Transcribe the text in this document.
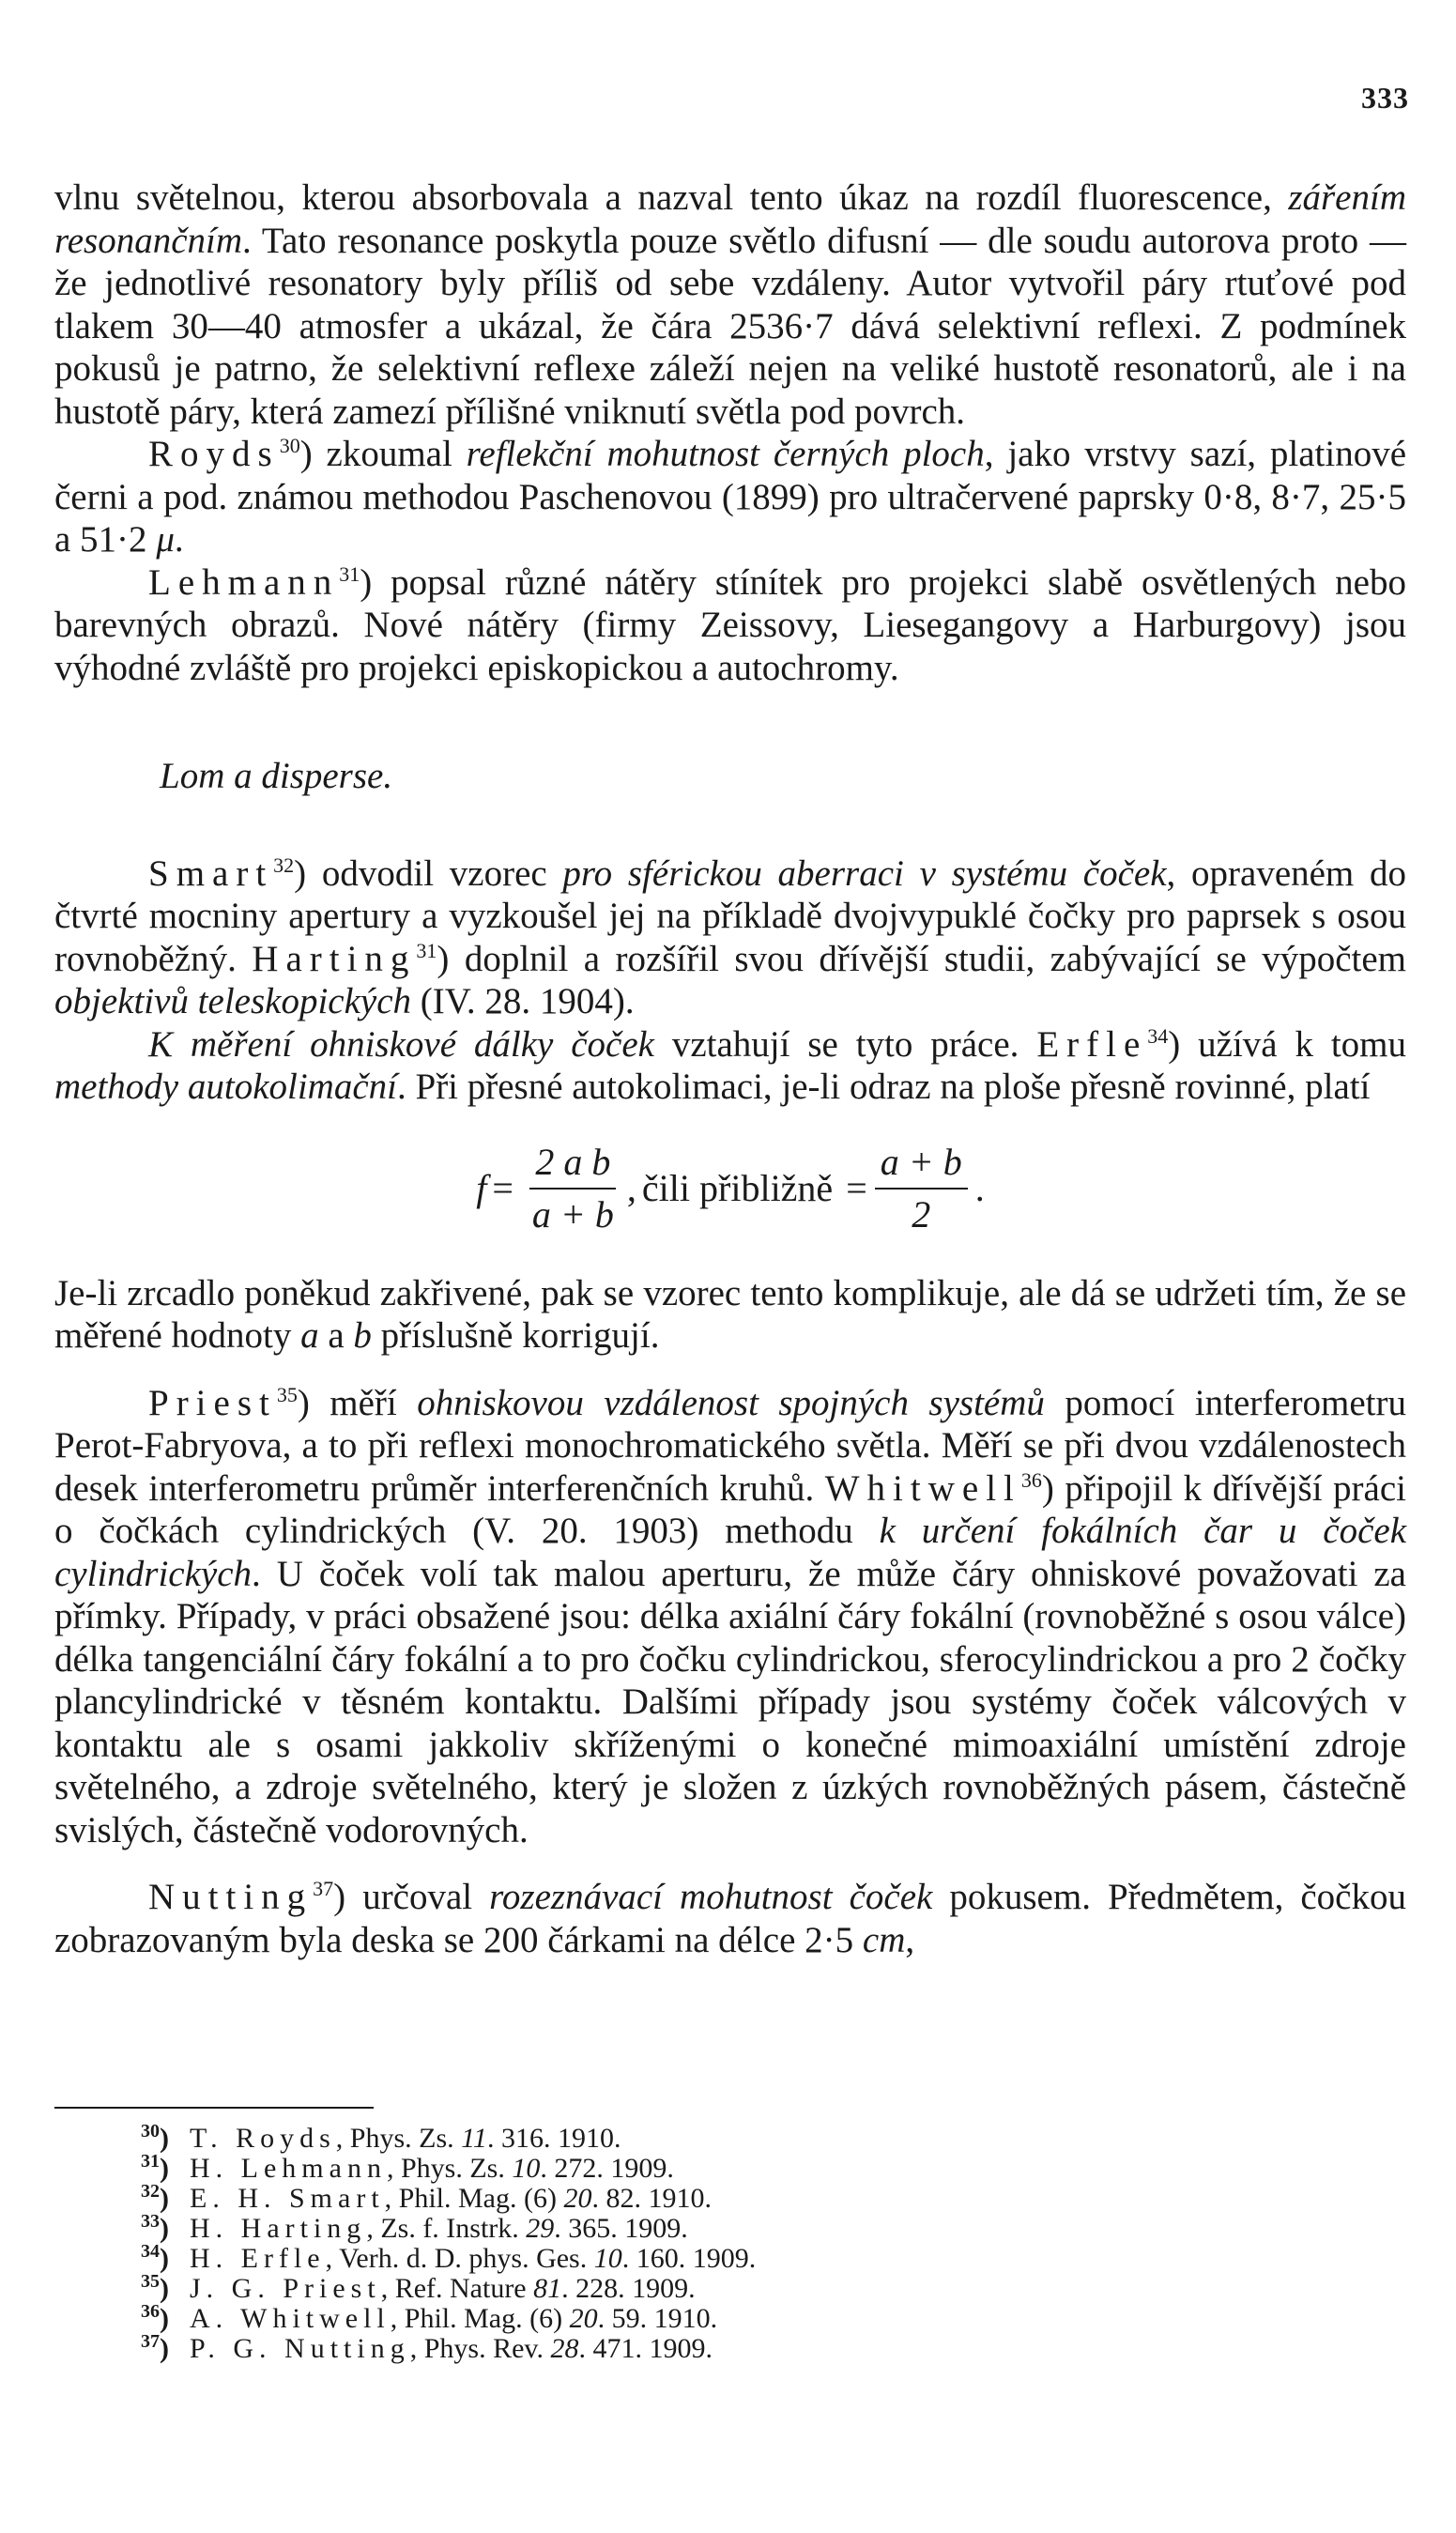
333

vlnu světelnou, kterou absorbovala a nazval tento úkaz na rozdíl fluorescence, zářením resonančním. Tato resonance poskytla pouze světlo difusní — dle soudu autorova proto — že jednotlivé resonatory byly příliš od sebe vzdáleny. Autor vytvořil páry rtuťové pod tlakem 30—40 atmosfer a ukázal, že čára 2536·7 dává selektivní reflexi. Z podmínek pokusů je patrno, že selektivní reflexe záleží nejen na veliké hustotě resonatorů, ale i na hustotě páry, která zamezí přílišné vniknutí světla pod povrch.

Royds$^{30}$) zkoumal reflekční mohutnost černých ploch, jako vrstvy sazí, platinové černi a pod. známou methodou Paschenovou (1899) pro ultračervené paprsky 0·8, 8·7, 25·5 a 51·2 μ.

Lehmann$^{31}$) popsal různé nátěry stínítek pro projekci slabě osvětlených nebo barevných obrazů. Nové nátěry (firmy Zeissovy, Liesegangovy a Harburgovy) jsou výhodné zvláště pro projekci episkopickou a autochromy.

Lom a disperse.

Smart$^{32}$) odvodil vzorec pro sférickou aberraci v systému čoček, opraveném do čtvrté mocniny apertury a vyzkoušel jej na příkladě dvojvypuklé čočky pro paprsek s osou rovnoběžný. Harting$^{31}$) doplnil a rozšířil svou dřívější studii, zabývající se výpočtem objektivů teleskopických (IV. 28. 1904).

K měření ohniskové dálky čoček vztahují se tyto práce. Erfle$^{34}$) užívá k tomu methody autokolimační. Při přesné autokolimaci, je-li odraz na ploše přesně rovinné, platí

$f = \frac{\text{2 a b}}{a + b}$ , čili přibližně = $\frac{a + b}{2}$ .

Je-li zrcadlo poněkud zakřivené, pak se vzorec tento komplikuje, ale dá se udržeti tím, že se měřené hodnoty a a b příslušně korrigují.

Priest$^{35}$) měří ohniskovou vzdálenost spojných systémů pomocí interferometru Perot-Fabryova, a to při reflexi monochromatického světla. Měří se při dvou vzdálenostech desek interferometru průměr interferenčních kruhů. Whitwell$^{36}$) připojil k dřívější práci o čočkách cylindrických (V. 20. 1903) methodu k určení fokálních čar u čoček cylindrických. U čoček volí tak malou aperturu, že může čáry ohniskové považovati za přímky. Případy, v práci obsažené jsou: délka axiální čáry fokální (rovnoběžné s osou válce) délka tangenciální čáry fokální a to pro čočku cylindrickou, sferocylindrickou a pro 2 čočky plancylindrické v těsném kontaktu. Dalšími případy jsou systémy čoček válcových v kontaktu ale s osami jakkoliv skříženými o konečné mimoaxiální umístění zdroje světelného, a zdroje světelného, který je složen z úzkých rovnoběžných pásem, částečně svislých, částečně vodorovných.

Nutting$^{37}$) určoval rozeznávací mohutnost čoček pokusem. Předmětem, čočkou zobrazovaným byla deska se 200 čárkami na délce 2·5 cm,

$^{30}$) T. Royds, Phys. Zs. 11. 316. 1910.
$^{31}$) H. Lehmann, Phys. Zs. 10. 272. 1909.
$^{32}$) E. H. Smart, Phil. Mag. (6) 20. 82. 1910.
$^{33}$) H. Harting, Zs. f. Instrk. 29. 365. 1909.
$^{34}$) H. Erfle, Verh. d. D. phys. Ges. 10. 160. 1909.
$^{35}$) J. G. Priest, Ref. Nature 81. 228. 1909.
$^{36}$) A. Whitwell, Phil. Mag. (6) 20. 59. 1910.
$^{37}$) P. G. Nutting, Phys. Rev. 28. 471. 1909.
